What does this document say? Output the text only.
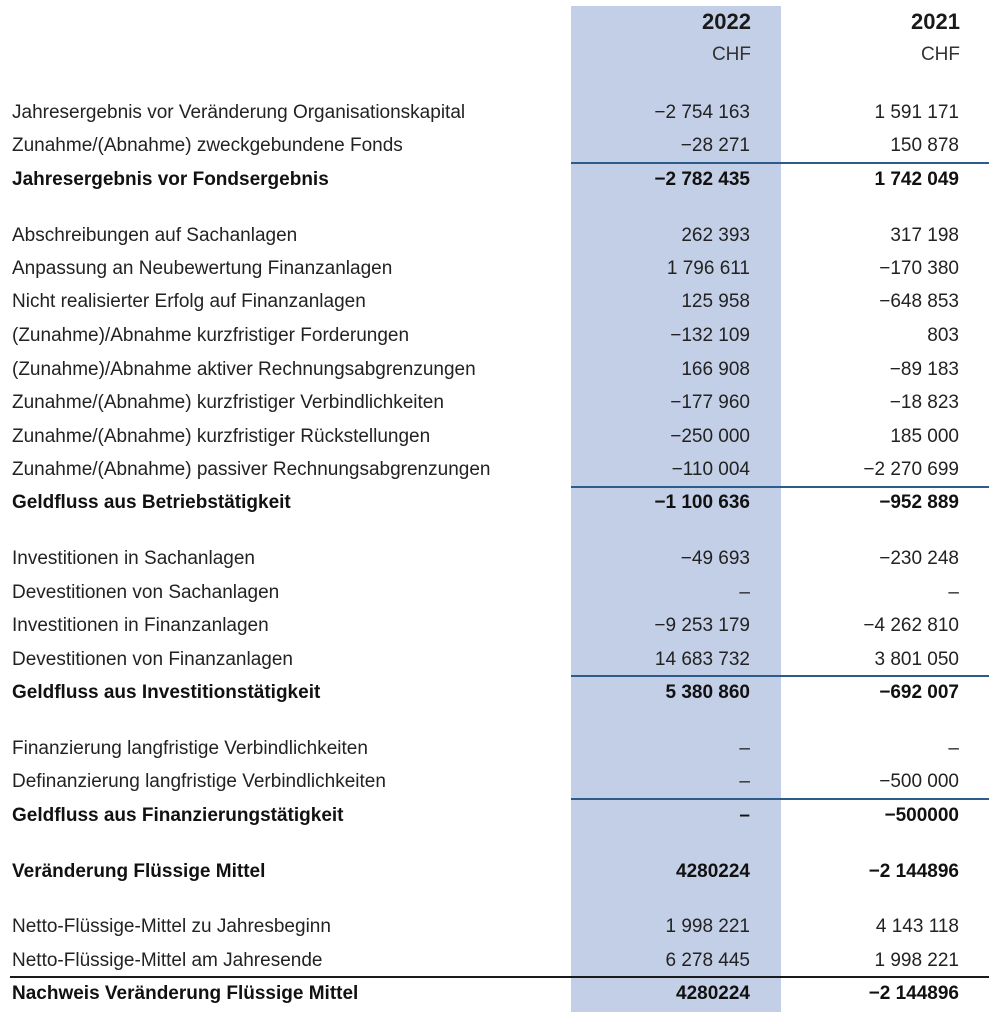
2022	2021
CHF	CHF
Jahresergebnis vor Veränderung Organisationskapital	−2 754 163	1 591 171
Zunahme/(Abnahme) zweckgebundene Fonds	−28 271	150 878
Jahresergebnis vor Fondsergebnis	−2 782 435	1 742 049
Abschreibungen auf Sachanlagen	262 393	317 198
Anpassung an Neubewertung Finanzanlagen	1 796 611	−170 380
Nicht realisierter Erfolg auf Finanzanlagen	125 958	−648 853
(Zunahme)/Abnahme kurzfristiger Forderungen	−132 109	803
(Zunahme)/Abnahme aktiver Rechnungsabgrenzungen	166 908	−89 183
Zunahme/(Abnahme) kurzfristiger Verbindlichkeiten	−177 960	−18 823
Zunahme/(Abnahme) kurzfristiger Rückstellungen	−250 000	185 000
Zunahme/(Abnahme) passiver Rechnungsabgrenzungen	−110 004	−2 270 699
Geldfluss aus Betriebstätigkeit	−1 100 636	−952 889
Investitionen in Sachanlagen	−49 693	−230 248
Devestitionen von Sachanlagen	–	–
Investitionen in Finanzanlagen	−9 253 179	−4 262 810
Devestitionen von Finanzanlagen	14 683 732	3 801 050
Geldfluss aus Investitionstätigkeit	5 380 860	−692 007
Finanzierung langfristige Verbindlichkeiten	–	–
Definanzierung langfristige Verbindlichkeiten	–	−500 000
Geldfluss aus Finanzierungstätigkeit	–	−500000
Veränderung Flüssige Mittel	4280224	−2 144896
Netto-Flüssige-Mittel zu Jahresbeginn	1 998 221	4 143 118
Netto-Flüssige-Mittel am Jahresende	6 278 445	1 998 221
Nachweis Veränderung Flüssige Mittel	4280224	−2 144896
